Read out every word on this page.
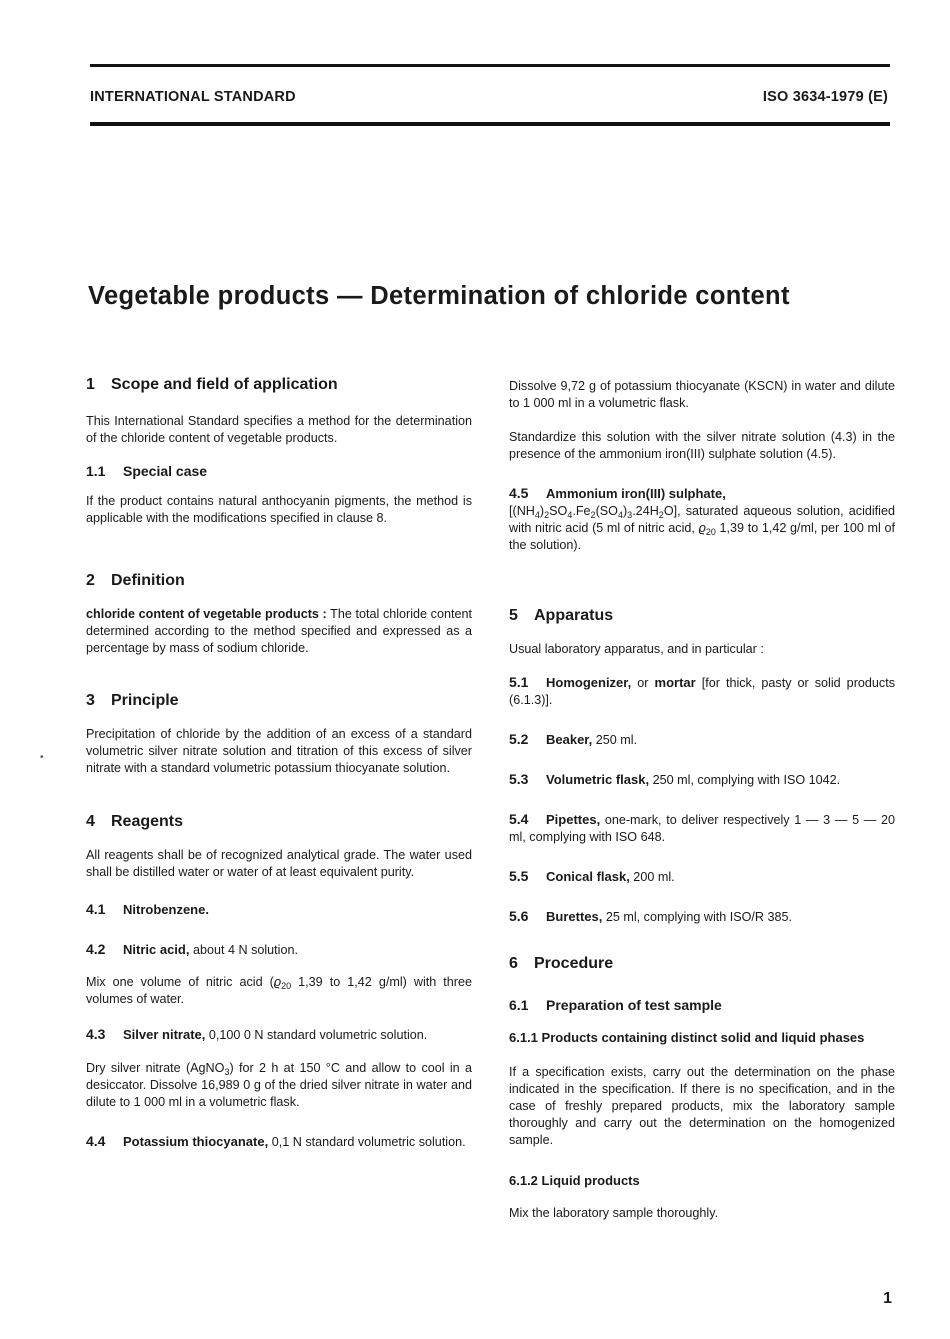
INTERNATIONAL STANDARD	ISO 3634-1979 (E)
Vegetable products — Determination of chloride content
•
1 Scope and field of application

This International Standard specifies a method for the determination of the chloride content of vegetable products.

1.1 Special case

If the product contains natural anthocyanin pigments, the method is applicable with the modifications specified in clause 8.

2 Definition

chloride content of vegetable products : The total chloride content determined according to the method specified and expressed as a percentage by mass of sodium chloride.

3 Principle

Precipitation of chloride by the addition of an excess of a standard volumetric silver nitrate solution and titration of this excess of silver nitrate with a standard volumetric potassium thiocyanate solution.

4 Reagents

All reagents shall be of recognized analytical grade. The water used shall be distilled water or water of at least equivalent purity.

4.1 Nitrobenzene.

4.2 Nitric acid, about 4 N solution.

Mix one volume of nitric acid ($ϱ_{20}$ 1,39 to 1,42 g/ml) with three volumes of water.

4.3 Silver nitrate, 0,100 0 N standard volumetric solution.

Dry silver nitrate (AgNO$_3$) for 2 h at 150 °C and allow to cool in a desiccator. Dissolve 16,989 0 g of the dried silver nitrate in water and dilute to 1 000 ml in a volumetric flask.

4.4 Potassium thiocyanate, 0,1 N standard volumetric solution.

Dissolve 9,72 g of potassium thiocyanate (KSCN) in water and dilute to 1 000 ml in a volumetric flask.

Standardize this solution with the silver nitrate solution (4.3) in the presence of the ammonium iron(III) sulphate solution (4.5).

4.5 Ammonium iron(III) sulphate,

$[(NH_4)_2SO_4.Fe_2(SO_4)_3.24H_2O]$, saturated aqueous solution, acidified with nitric acid (5 ml of nitric acid, $ϱ_{20}$ 1,39 to 1,42 g/ml, per 100 ml of the solution).

5 Apparatus

Usual laboratory apparatus, and in particular :

5.1 Homogenizer, or mortar [for thick, pasty or solid products (6.1.3)].

5.2 Beaker, 250 ml.

5.3 Volumetric flask, 250 ml, complying with ISO 1042.

5.4 Pipettes, one-mark, to deliver respectively 1 — 3 — 5 — 20 ml, complying with ISO 648.

5.5 Conical flask, 200 ml.

5.6 Burettes, 25 ml, complying with ISO/R 385.

6 Procedure
6.1 Preparation of test sample
6.1.1 Products containing distinct solid and liquid phases

If a specification exists, carry out the determination on the phase indicated in the specification. If there is no specification, and in the case of freshly prepared products, mix the laboratory sample thoroughly and carry out the determination on the homogenized sample.

6.1.2 Liquid products

Mix the laboratory sample thoroughly.

1
